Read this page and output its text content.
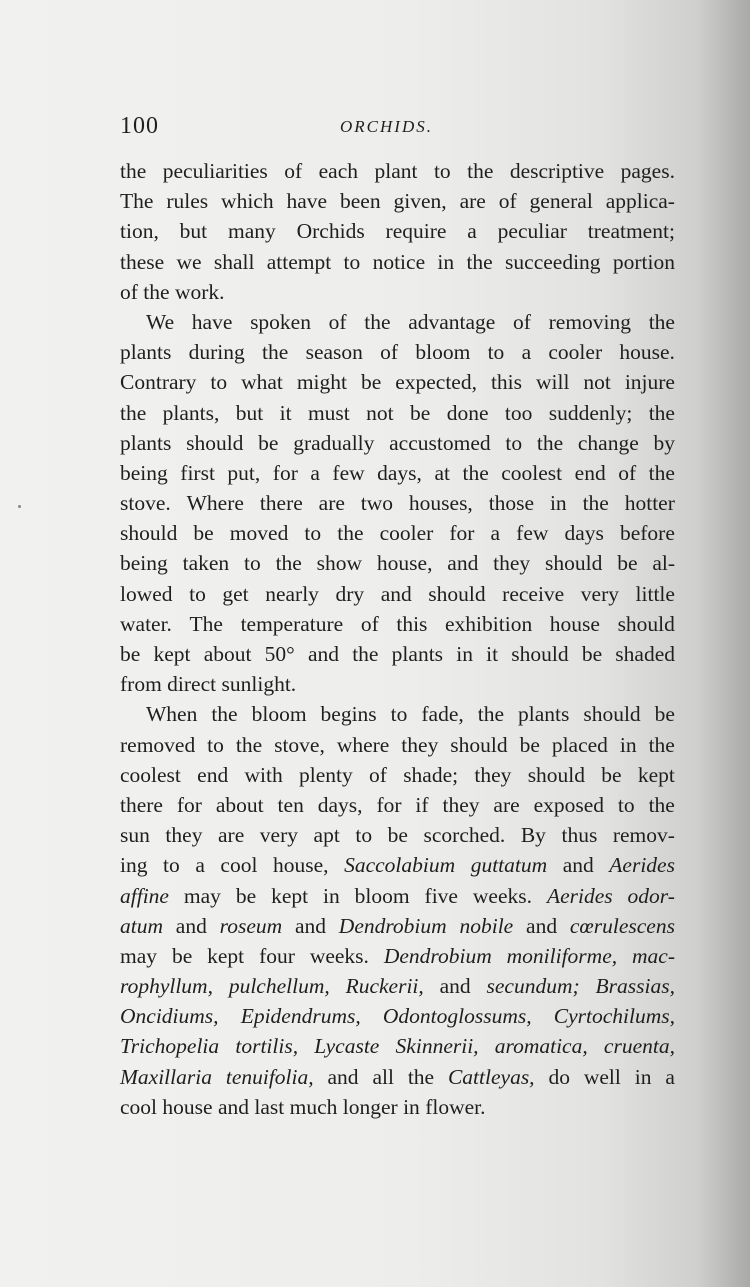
100	ORCHIDS.
the peculiarities of each plant to the descriptive pages.
The rules which have been given, are of general applica-
tion, but many Orchids require a peculiar treatment;
these we shall attempt to notice in the succeeding portion
of the work.
We have spoken of the advantage of removing the
plants during the season of bloom to a cooler house.
Contrary to what might be expected, this will not injure
the plants, but it must not be done too suddenly; the
plants should be gradually accustomed to the change by
being first put, for a few days, at the coolest end of the
stove. Where there are two houses, those in the hotter
should be moved to the cooler for a few days before
being taken to the show house, and they should be al-
lowed to get nearly dry and should receive very little
water. The temperature of this exhibition house should
be kept about 50° and the plants in it should be shaded
from direct sunlight.
When the bloom begins to fade, the plants should be
removed to the stove, where they should be placed in the
coolest end with plenty of shade; they should be kept
there for about ten days, for if they are exposed to the
sun they are very apt to be scorched. By thus remov-
ing to a cool house, Saccolabium guttatum and Aerides
affine may be kept in bloom five weeks. Aerides odor-
atum and roseum and Dendrobium nobile and cœrulescens
may be kept four weeks. Dendrobium moniliforme, mac-
rophyllum, pulchellum, Ruckerii, and secundum; Brassias,
Oncidiums, Epidendrums, Odontoglossums, Cyrtochilums,
Trichopelia tortilis, Lycaste Skinnerii, aromatica, cruenta,
Maxillaria tenuifolia, and all the Cattleyas, do well in a
cool house and last much longer in flower.
